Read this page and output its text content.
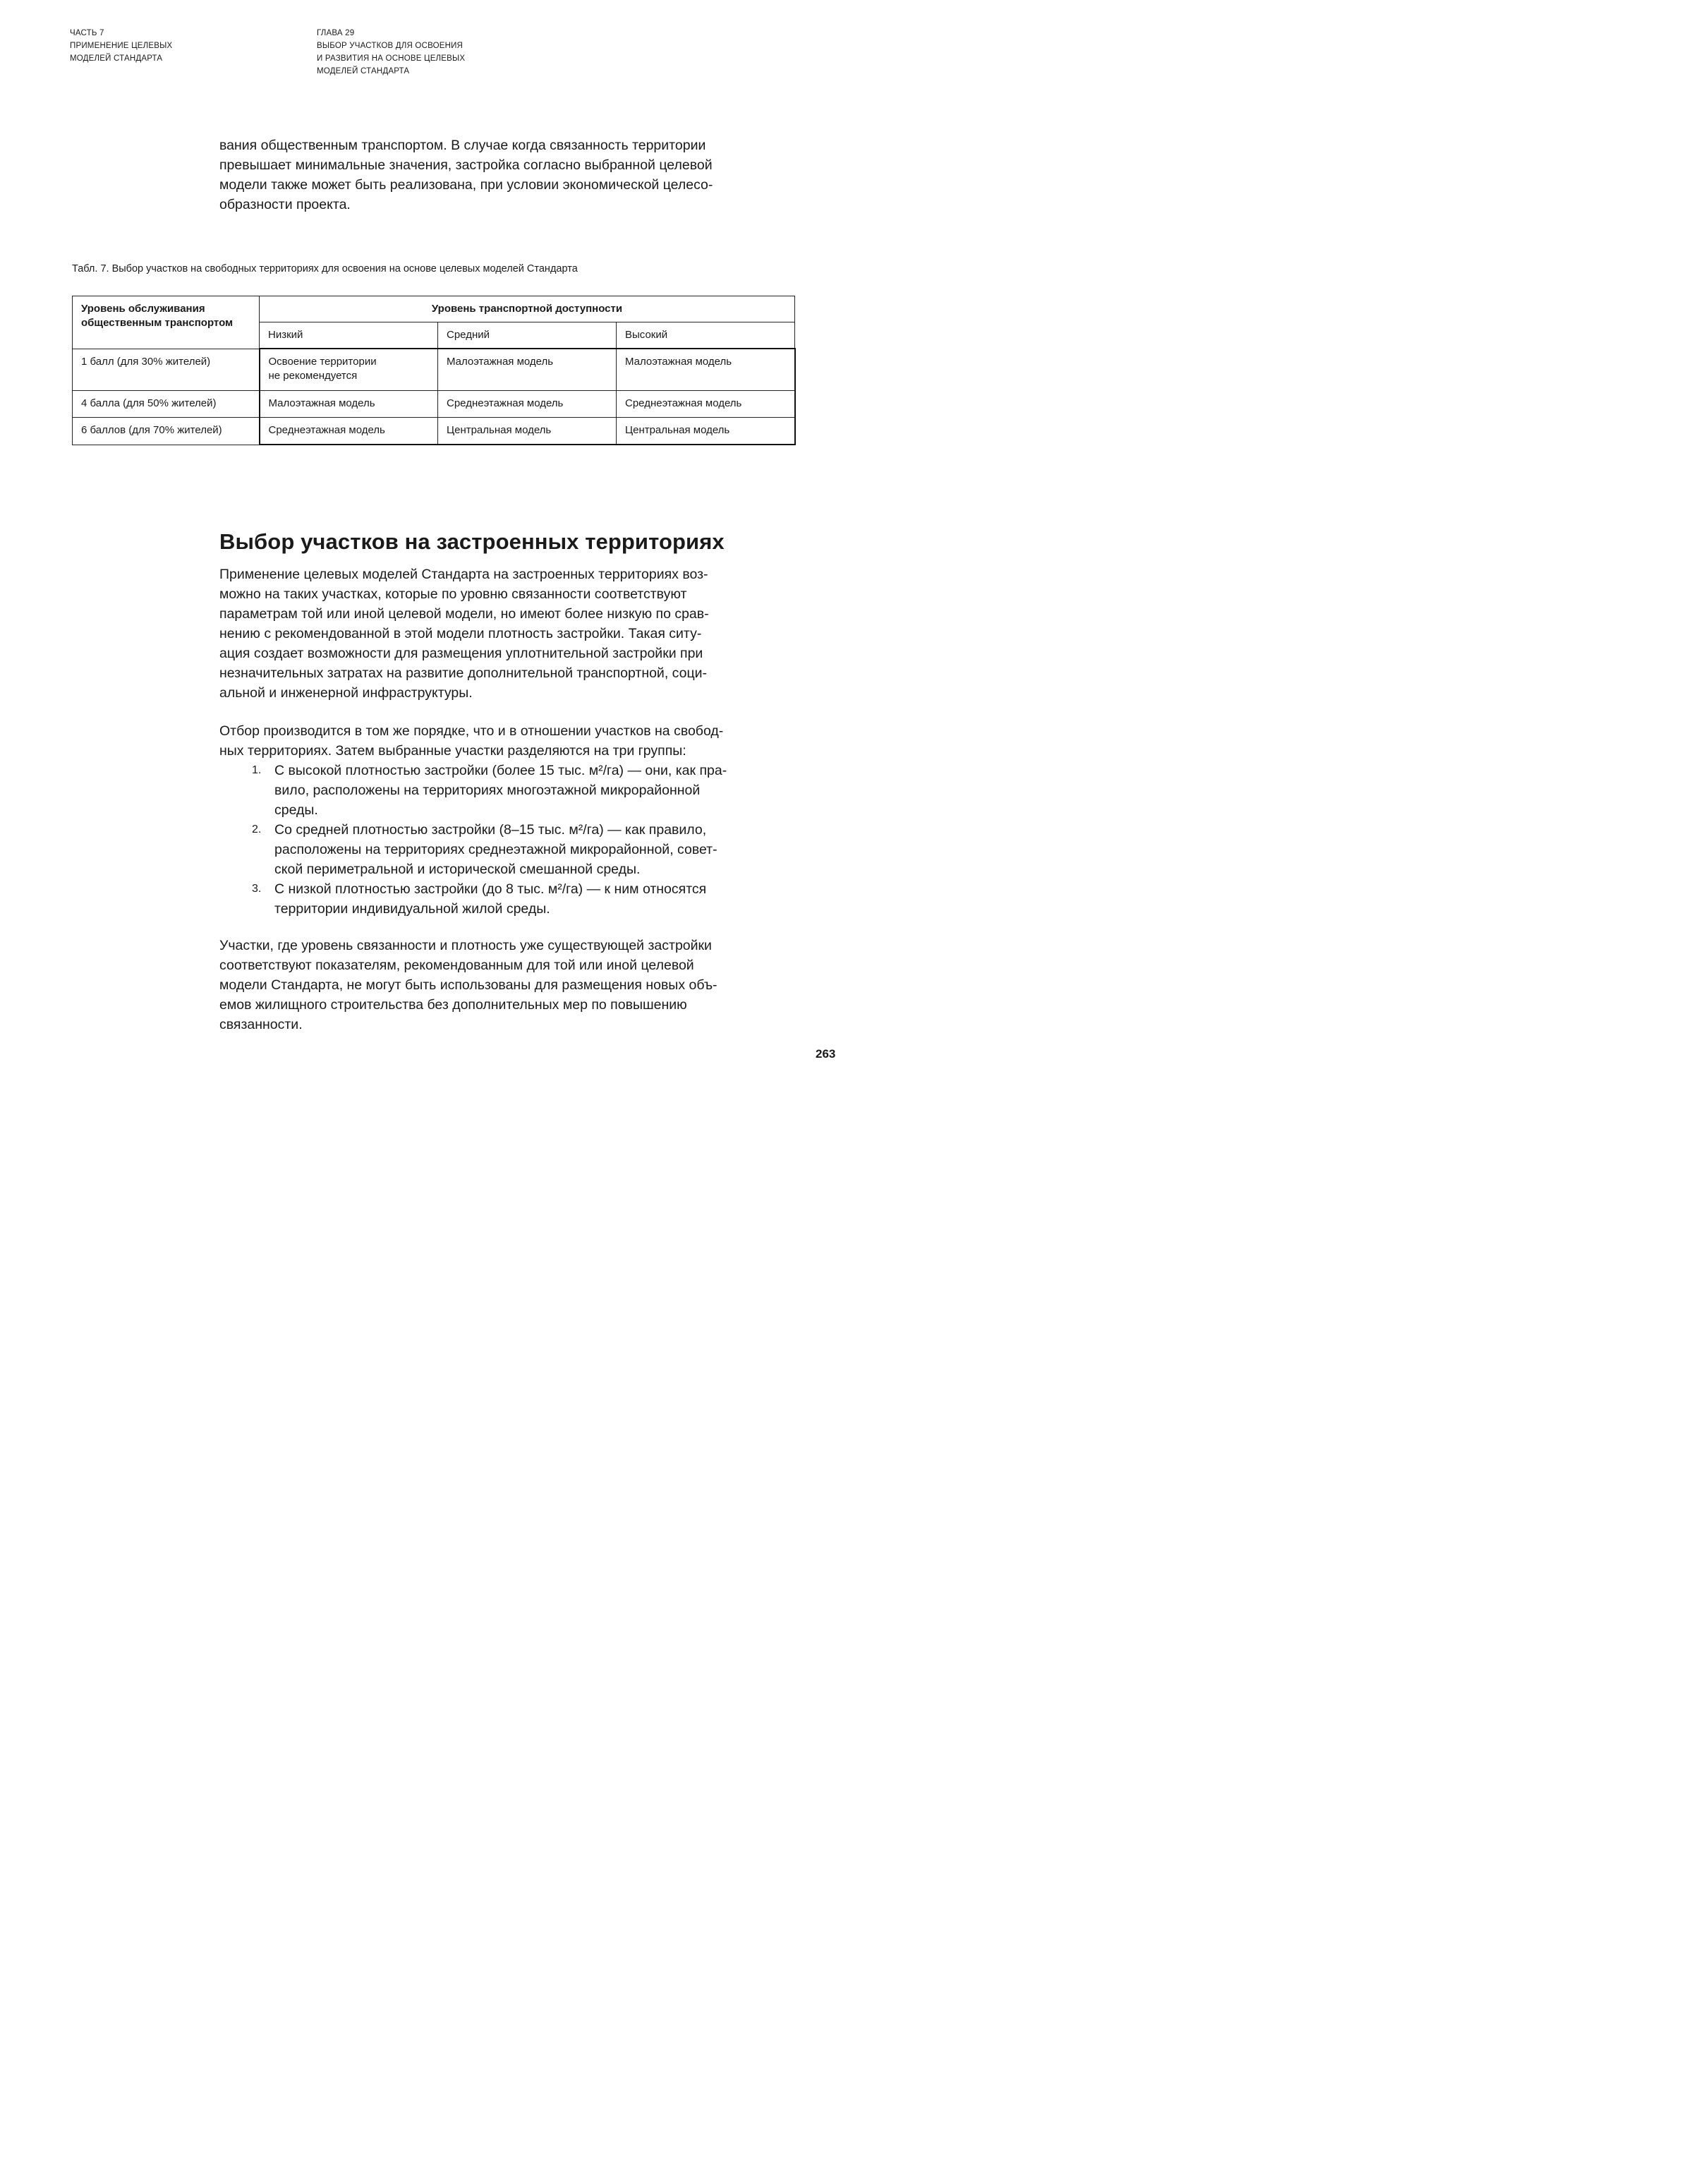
ЧАСТЬ 7
ПРИМЕНЕНИЕ ЦЕЛЕВЫХ
МОДЕЛЕЙ СТАНДАРТА
ГЛАВА 29
ВЫБОР УЧАСТКОВ ДЛЯ ОСВОЕНИЯ
И РАЗВИТИЯ НА ОСНОВЕ ЦЕЛЕВЫХ
МОДЕЛЕЙ СТАНДАРТА

вания общественным транспортом. В случае когда связанность территории

превышает минимальные значения, застройка согласно выбранной целевой

модели также может быть реализована, при условии экономической целесо-

образности проекта.

Табл. 7. Выбор участков на свободных территориях для освоения на основе целевых моделей Стандарта
Уровень обслуживания
общественным транспортом	Уровень транспортной доступности		
	Низкий	Средний	Высокий
1 балл (для 30% жителей)	Освоение территории
не рекомендуется	Малоэтажная модель	Малоэтажная модель
4 балла (для 50% жителей)	Малоэтажная модель	Среднеэтажная модель	Среднеэтажная модель
6 баллов (для 70% жителей)	Среднеэтажная модель	Центральная модель	Центральная модель
Выбор участков на застроенных территориях

Применение целевых моделей Стандарта на застроенных территориях воз-

можно на таких участках, которые по уровню связанности соответствуют

параметрам той или иной целевой модели, но имеют более низкую по срав-

нению с рекомендованной в этой модели плотность застройки. Такая ситу-

ация создает возможности для размещения уплотнительной застройки при

незначительных затратах на развитие дополнительной транспортной, соци-

альной и инженерной инфраструктуры.

Отбор производится в том же порядке, что и в отношении участков на свобод-

ных территориях. Затем выбранные участки разделяются на три группы:

1. С высокой плотностью застройки (более 15 тыс. м²/га) — они, как пра-
вило, расположены на территориях многоэтажной микрорайонной
среды.
2. Со средней плотностью застройки (8–15 тыс. м²/га) — как правило,
расположены на территориях среднеэтажной микрорайонной, совет-
ской периметральной и исторической смешанной среды.
3. С низкой плотностью застройки (до 8 тыс. м²/га) — к ним относятся
территории индивидуальной жилой среды.

Участки, где уровень связанности и плотность уже существующей застройки

соответствуют показателям, рекомендованным для той или иной целевой

модели Стандарта, не могут быть использованы для размещения новых объ-

емов жилищного строительства без дополнительных мер по повышению

связанности.

263
